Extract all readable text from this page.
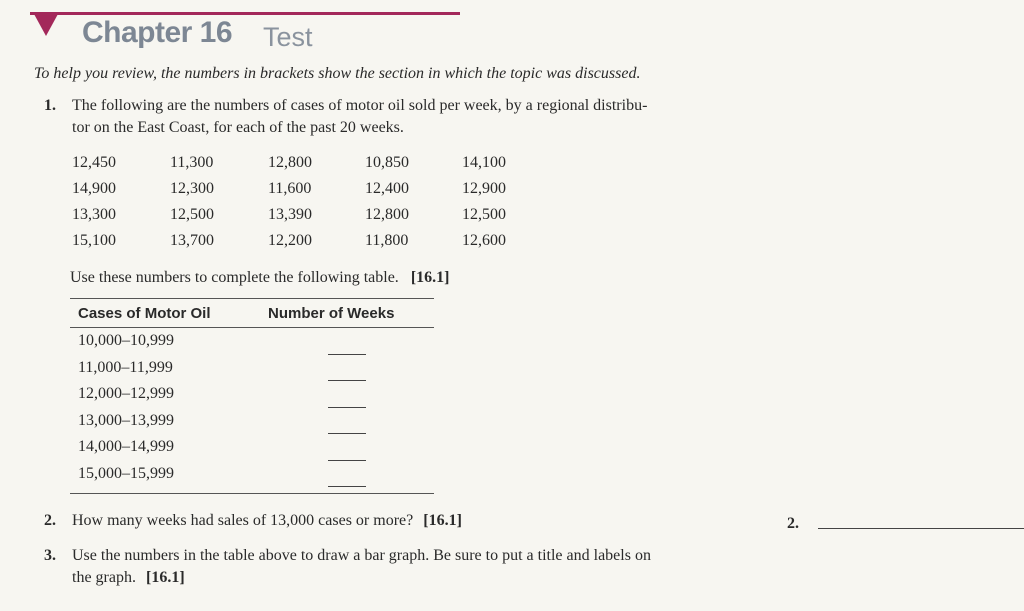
Chapter 16 Test
To help you review, the numbers in brackets show the section in which the topic was discussed.
1. The following are the numbers of cases of motor oil sold per week, by a regional distribu-
tor on the East Coast, for each of the past 20 weeks.
12,450	11,300	12,800	10,850	14,100
14,900	12,300	11,600	12,400	12,900
13,300	12,500	13,390	12,800	12,500
15,100	13,700	12,200	11,800	12,600
Use these numbers to complete the following table. [16.1]
Cases of Motor Oil	Number of Weeks
10,000–10,999
11,000–11,999
12,000–12,999
13,000–13,999
14,000–14,999
15,000–15,999
2. How many weeks had sales of 13,000 cases or more? [16.1]	2.
3. Use the numbers in the table above to draw a bar graph. Be sure to put a title and labels on
the graph. [16.1]
